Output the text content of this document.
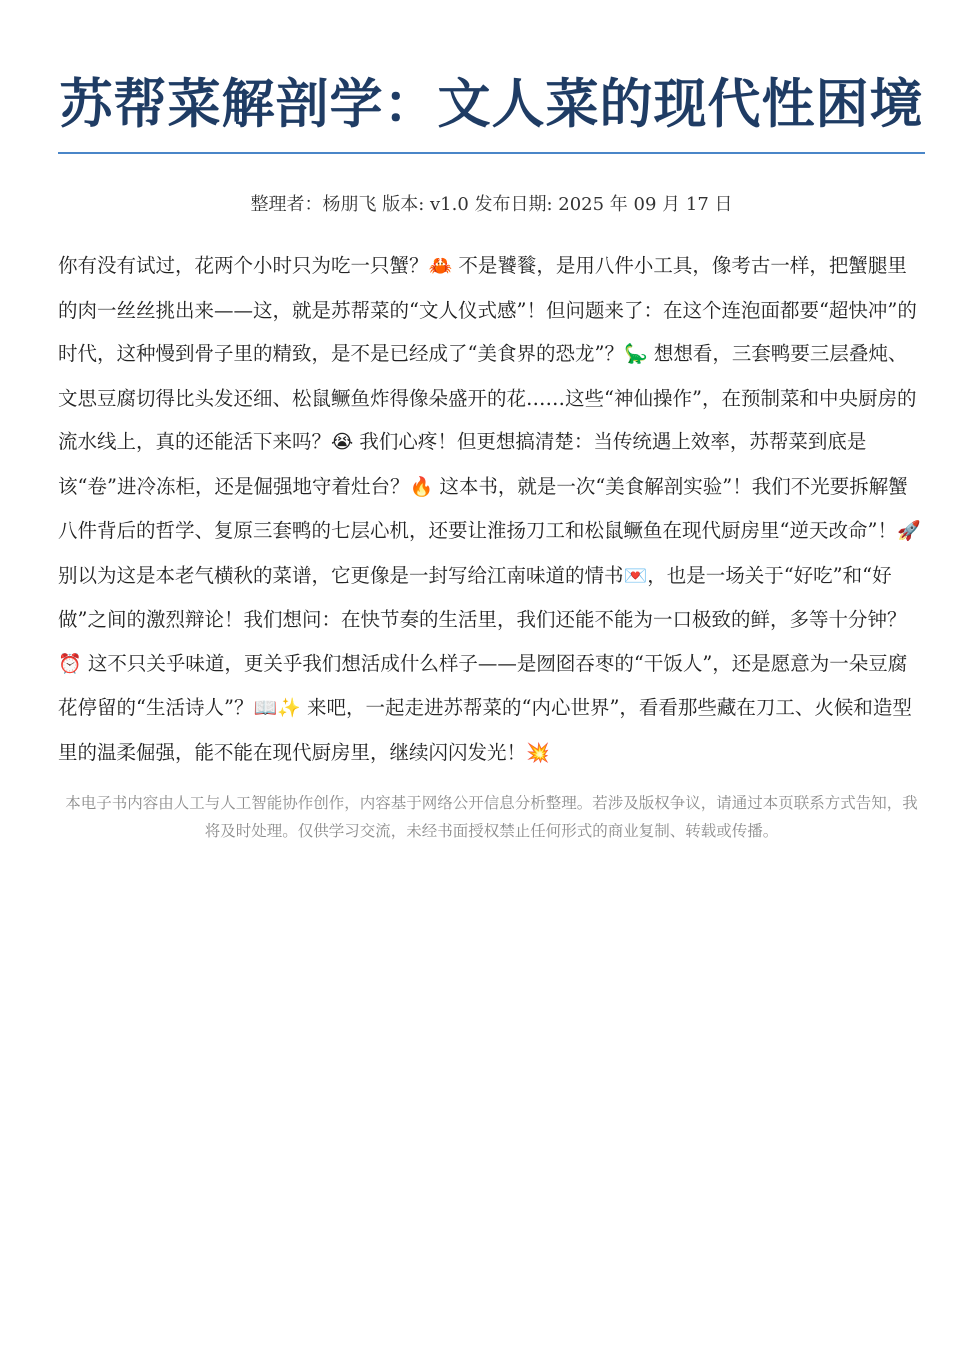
苏帮菜解剖学：文人菜的现代性困境
整理者：杨朋飞 版本: v1.0 发布日期: 2025 年 09 月 17 日
你有没有试过，花两个小时只为吃一只蟹？🦀 不是饕餮，是用八件小工具，像考古一样，把蟹腿里的肉一丝丝挑出来——这，就是苏帮菜的“文人仪式感”！但问题来了：在这个连泡面都要“超快冲”的时代，这种慢到骨子里的精致，是不是已经成了“美食界的恐龙”？🦕 想想看，三套鸭要三层叠炖、文思豆腐切得比头发还细、松鼠鳜鱼炸得像朵盛开的花……这些“神仙操作”，在预制菜和中央厨房的流水线上，真的还能活下来吗？😭 我们心疼！但更想搞清楚：当传统遇上效率，苏帮菜到底是该“卷”进冷冻柜，还是倔强地守着灶台？🔥 这本书，就是一次“美食解剖实验”！我们不光要拆解蟹八件背后的哲学、复原三套鸭的七层心机，还要让淮扬刀工和松鼠鳜鱼在现代厨房里“逆天改命”！🚀 别以为这是本老气横秋的菜谱，它更像是一封写给江南味道的情书💌，也是一场关于“好吃”和“好做”之间的激烈辩论！我们想问：在快节奏的生活里，我们还能不能为一口极致的鲜，多等十分钟？⏰ 这不只关乎味道，更关乎我们想活成什么样子——是囫囵吞枣的“干饭人”，还是愿意为一朵豆腐花停留的“生活诗人”？📖✨ 来吧，一起走进苏帮菜的“内心世界”，看看那些藏在刀工、火候和造型里的温柔倔强，能不能在现代厨房里，继续闪闪发光！💥
本电子书内容由人工与人工智能协作创作，内容基于网络公开信息分析整理。若涉及版权争议，请通过本页联系方式告知，我将及时处理。仅供学习交流，未经书面授权禁止任何形式的商业复制、转载或传播。
